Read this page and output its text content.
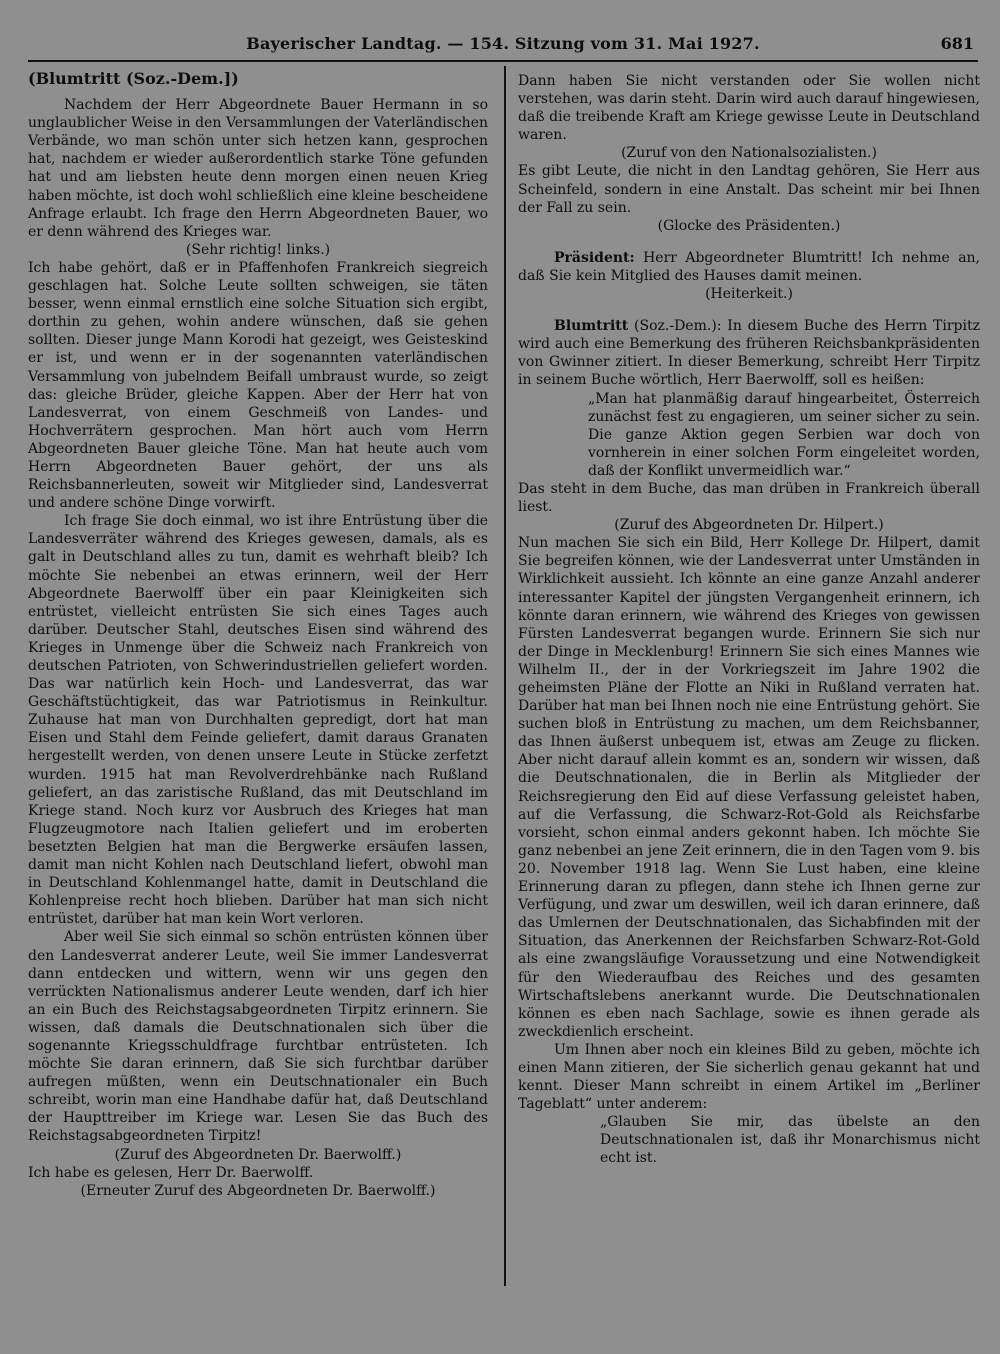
Bayerischer Landtag. — 154. Sitzung vom 31. Mai 1927.	681

(Blumtritt (Soz.-Dem.])

Nachdem der Herr Abgeordnete Bauer Hermann in so unglaublicher Weise in den Versammlungen der Vaterländischen Verbände, wo man schön unter sich hetzen kann, gesprochen hat, nachdem er wieder außerordentlich starke Töne gefunden hat und am liebsten heute denn morgen einen neuen Krieg haben möchte, ist doch wohl schließlich eine kleine bescheidene Anfrage erlaubt. Ich frage den Herrn Abgeordneten Bauer, wo er denn während des Krieges war.

(Sehr richtig! links.)

Ich habe gehört, daß er in Pfaffenhofen Frankreich siegreich geschlagen hat. Solche Leute sollten schweigen, sie täten besser, wenn einmal ernstlich eine solche Situation sich ergibt, dorthin zu gehen, wohin andere wünschen, daß sie gehen sollten. Dieser junge Mann Korodi hat gezeigt, wes Geisteskind er ist, und wenn er in der sogenannten vaterländischen Versammlung von jubelndem Beifall umbraust wurde, so zeigt das: gleiche Brüder, gleiche Kappen. Aber der Herr hat von Landesverrat, von einem Geschmeiß von Landes- und Hochverrätern gesprochen. Man hört auch vom Herrn Abgeordneten Bauer gleiche Töne. Man hat heute auch vom Herrn Abgeordneten Bauer gehört, der uns als Reichsbannerleuten, soweit wir Mitglieder sind, Landesverrat und andere schöne Dinge vorwirft.

Ich frage Sie doch einmal, wo ist ihre Entrüstung über die Landesverräter während des Krieges gewesen, damals, als es galt in Deutschland alles zu tun, damit es wehrhaft bleib? Ich möchte Sie nebenbei an etwas erinnern, weil der Herr Abgeordnete Baerwolff über ein paar Kleinigkeiten sich entrüstet, vielleicht entrüsten Sie sich eines Tages auch darüber. Deutscher Stahl, deutsches Eisen sind während des Krieges in Unmenge über die Schweiz nach Frankreich von deutschen Patrioten, von Schwerindustriellen geliefert worden. Das war natürlich kein Hoch- und Landesverrat, das war Geschäftstüchtigkeit, das war Patriotismus in Reinkultur. Zuhause hat man von Durchhalten gepredigt, dort hat man Eisen und Stahl dem Feinde geliefert, damit daraus Granaten hergestellt werden, von denen unsere Leute in Stücke zerfetzt wurden. 1915 hat man Revolverdrehbänke nach Rußland geliefert, an das zaristische Rußland, das mit Deutschland im Kriege stand. Noch kurz vor Ausbruch des Krieges hat man Flugzeugmotore nach Italien geliefert und im eroberten besetzten Belgien hat man die Bergwerke ersäufen lassen, damit man nicht Kohlen nach Deutschland liefert, obwohl man in Deutschland Kohlenmangel hatte, damit in Deutschland die Kohlenpreise recht hoch blieben. Darüber hat man sich nicht entrüstet, darüber hat man kein Wort verloren.

Aber weil Sie sich einmal so schön entrüsten können über den Landesverrat anderer Leute, weil Sie immer Landesverrat dann entdecken und wittern, wenn wir uns gegen den verrückten Nationalismus anderer Leute wenden, darf ich hier an ein Buch des Reichstagsabgeordneten Tirpitz erinnern. Sie wissen, daß damals die Deutschnationalen sich über die sogenannte Kriegsschuldfrage furchtbar entrüsteten. Ich möchte Sie daran erinnern, daß Sie sich furchtbar darüber aufregen müßten, wenn ein Deutschnationaler ein Buch schreibt, worin man eine Handhabe dafür hat, daß Deutschland der Haupttreiber im Kriege war. Lesen Sie das Buch des Reichstagsabgeordneten Tirpitz!

(Zuruf des Abgeordneten Dr. Baerwolff.)

Ich habe es gelesen, Herr Dr. Baerwolff.

(Erneuter Zuruf des Abgeordneten Dr. Baerwolff.)

Dann haben Sie nicht verstanden oder Sie wollen nicht verstehen, was darin steht. Darin wird auch darauf hingewiesen, daß die treibende Kraft am Kriege gewisse Leute in Deutschland waren.

(Zuruf von den Nationalsozialisten.)

Es gibt Leute, die nicht in den Landtag gehören, Sie Herr aus Scheinfeld, sondern in eine Anstalt. Das scheint mir bei Ihnen der Fall zu sein.

(Glocke des Präsidenten.)

Präsident: Herr Abgeordneter Blumtritt! Ich nehme an, daß Sie kein Mitglied des Hauses damit meinen.

(Heiterkeit.)

Blumtritt (Soz.-Dem.): In diesem Buche des Herrn Tirpitz wird auch eine Bemerkung des früheren Reichsbankpräsidenten von Gwinner zitiert. In dieser Bemerkung, schreibt Herr Tirpitz in seinem Buche wörtlich, Herr Baerwolff, soll es heißen:

„Man hat planmäßig darauf hingearbeitet, Österreich zunächst fest zu engagieren, um seiner sicher zu sein. Die ganze Aktion gegen Serbien war doch von vornherein in einer solchen Form eingeleitet worden, daß der Konflikt unvermeidlich war.“

Das steht in dem Buche, das man drüben in Frankreich überall liest.

(Zuruf des Abgeordneten Dr. Hilpert.)

Nun machen Sie sich ein Bild, Herr Kollege Dr. Hilpert, damit Sie begreifen können, wie der Landesverrat unter Umständen in Wirklichkeit aussieht. Ich könnte an eine ganze Anzahl anderer interessanter Kapitel der jüngsten Vergangenheit erinnern, ich könnte daran erinnern, wie während des Krieges von gewissen Fürsten Landesverrat begangen wurde. Erinnern Sie sich nur der Dinge in Mecklenburg! Erinnern Sie sich eines Mannes wie Wilhelm II., der in der Vorkriegszeit im Jahre 1902 die geheimsten Pläne der Flotte an Niki in Rußland verraten hat. Darüber hat man bei Ihnen noch nie eine Entrüstung gehört. Sie suchen bloß in Entrüstung zu machen, um dem Reichsbanner, das Ihnen äußerst unbequem ist, etwas am Zeuge zu flicken. Aber nicht darauf allein kommt es an, sondern wir wissen, daß die Deutschnationalen, die in Berlin als Mitglieder der Reichsregierung den Eid auf diese Verfassung geleistet haben, auf die Verfassung, die Schwarz-Rot-Gold als Reichsfarbe vorsieht, schon einmal anders gekonnt haben. Ich möchte Sie ganz nebenbei an jene Zeit erinnern, die in den Tagen vom 9. bis 20. November 1918 lag. Wenn Sie Lust haben, eine kleine Erinnerung daran zu pflegen, dann stehe ich Ihnen gerne zur Verfügung, und zwar um deswillen, weil ich daran erinnere, daß das Umlernen der Deutschnationalen, das Sichabfinden mit der Situation, das Anerkennen der Reichsfarben Schwarz-Rot-Gold als eine zwangsläufige Voraussetzung und eine Notwendigkeit für den Wiederaufbau des Reiches und des gesamten Wirtschaftslebens anerkannt wurde. Die Deutschnationalen können es eben nach Sachlage, sowie es ihnen gerade als zweckdienlich erscheint.

Um Ihnen aber noch ein kleines Bild zu geben, möchte ich einen Mann zitieren, der Sie sicherlich genau gekannt hat und kennt. Dieser Mann schreibt in einem Artikel im „Berliner Tageblatt“ unter anderem:

„Glauben Sie mir, das übelste an den Deutschnationalen ist, daß ihr Monarchismus nicht echt ist.
